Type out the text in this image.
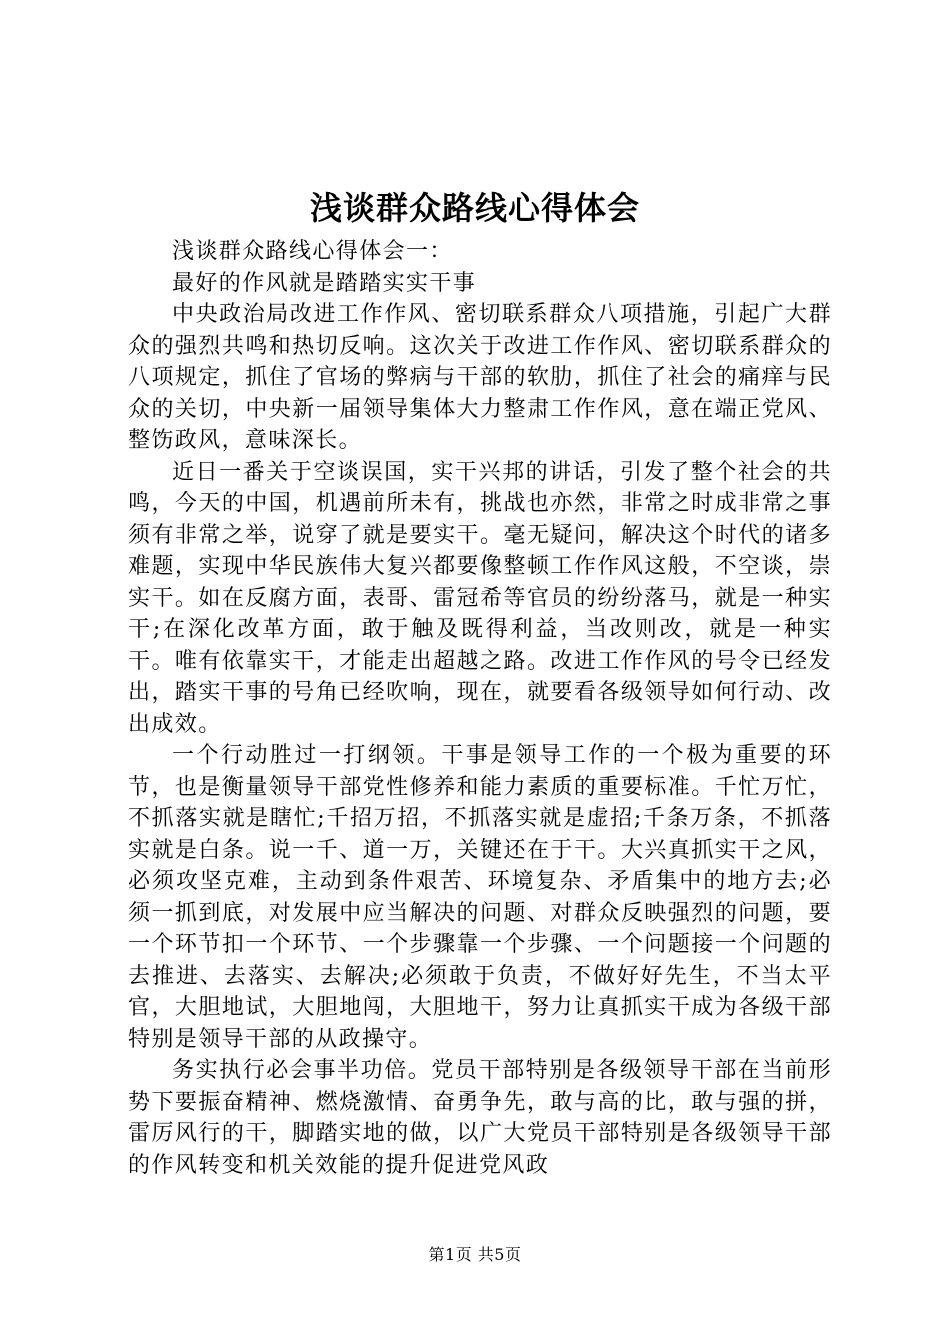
浅谈群众路线心得体会

浅谈群众路线心得体会一：

最好的作风就是踏踏实实干事

中央政治局改进工作作风、密切联系群众八项措施，引起广大群众的强烈共鸣和热切反响。这次关于改进工作作风、密切联系群众的八项规定，抓住了官场的弊病与干部的软肋，抓住了社会的痛痒与民众的关切，中央新一届领导集体大力整肃工作作风，意在端正党风、整饬政风，意味深长。

近日一番关于空谈误国，实干兴邦的讲话，引发了整个社会的共鸣，今天的中国，机遇前所未有，挑战也亦然，非常之时成非常之事须有非常之举，说穿了就是要实干。毫无疑问，解决这个时代的诸多难题，实现中华民族伟大复兴都要像整顿工作作风这般，不空谈，崇实干。如在反腐方面，表哥、雷冠希等官员的纷纷落马，就是一种实干;在深化改革方面，敢于触及既得利益，当改则改，就是一种实干。唯有依靠实干，才能走出超越之路。改进工作作风的号令已经发出，踏实干事的号角已经吹响，现在，就要看各级领导如何行动、改出成效。

一个行动胜过一打纲领。干事是领导工作的一个极为重要的环节，也是衡量领导干部党性修养和能力素质的重要标准。千忙万忙，不抓落实就是瞎忙;千招万招，不抓落实就是虚招;千条万条，不抓落实就是白条。说一千、道一万，关键还在于干。大兴真抓实干之风，必须攻坚克难，主动到条件艰苦、环境复杂、矛盾集中的地方去;必须一抓到底，对发展中应当解决的问题、对群众反映强烈的问题，要一个环节扣一个环节、一个步骤靠一个步骤、一个问题接一个问题的去推进、去落实、去解决;必须敢于负责，不做好好先生，不当太平官，大胆地试，大胆地闯，大胆地干，努力让真抓实干成为各级干部特别是领导干部的从政操守。

务实执行必会事半功倍。党员干部特别是各级领导干部在当前形势下要振奋精神、燃烧激情、奋勇争先，敢与高的比，敢与强的拼，雷厉风行的干，脚踏实地的做，以广大党员干部特别是各级领导干部的作风转变和机关效能的提升促进党风政

第1页 共5页
